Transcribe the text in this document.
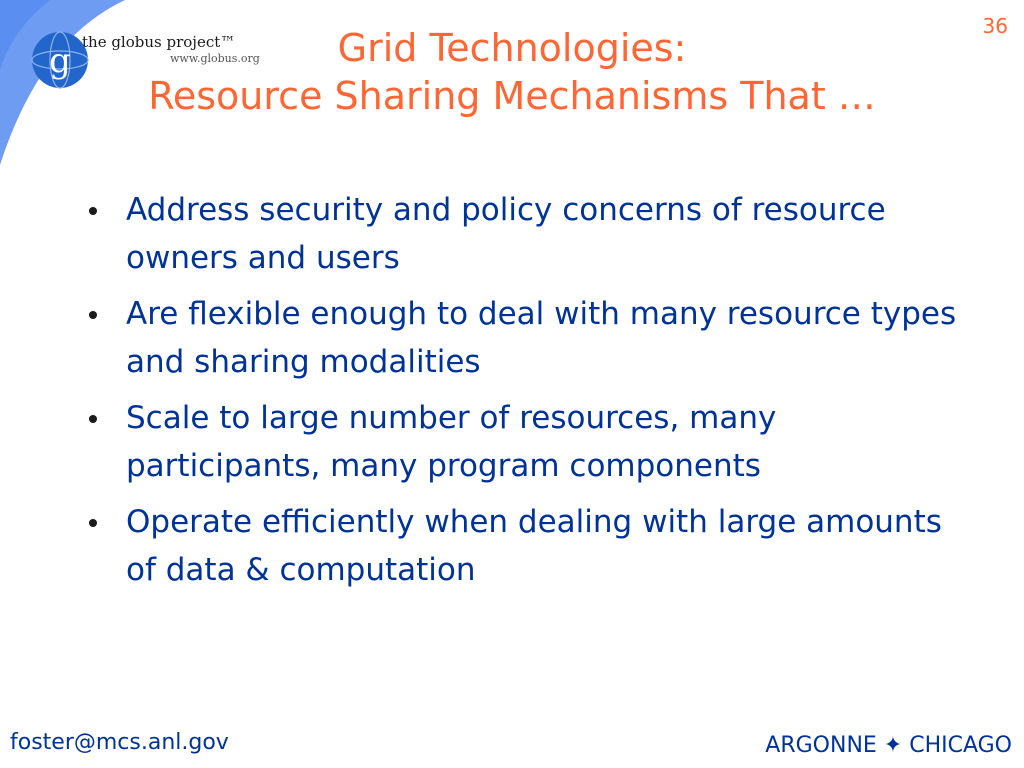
g the globus project™
www.globus.org
36
Grid Technologies:
Resource Sharing Mechanisms That …
Address security and policy concerns of resource owners and users
Are flexible enough to deal with many resource types and sharing modalities
Scale to large number of resources, many participants, many program components
Operate efficiently when dealing with large amounts of data & computation
foster@mcs.anl.gov	ARGONNE ✦ CHICAGO
